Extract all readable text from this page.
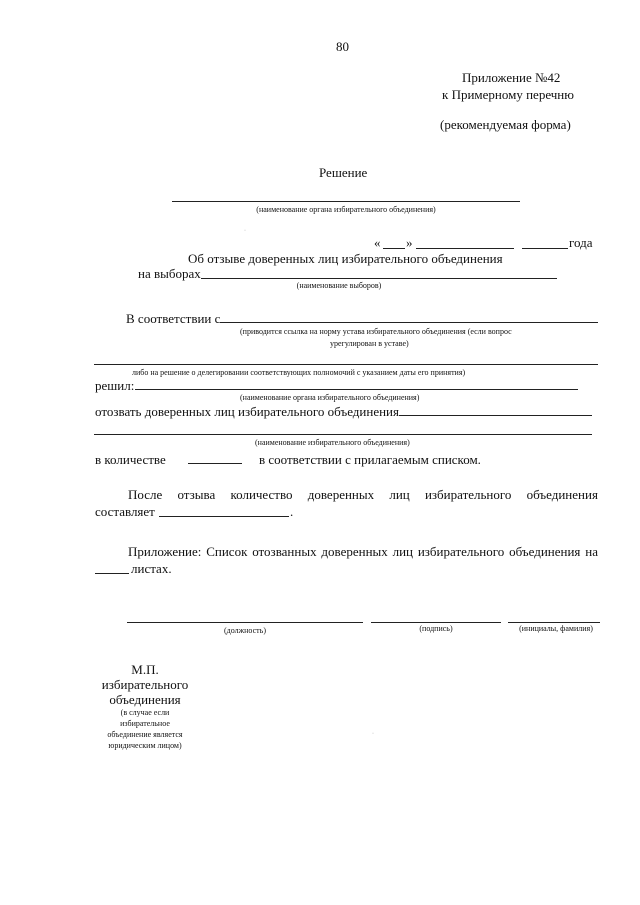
80
Приложение №42
к Примерному перечню
(рекомендуемая форма)
Решение
(наименование органа избирательного объединения)
·
« »	года
Об отзыве доверенных лиц избирательного объединения
на выборах
(наименование выборов)
В соответствии с
(приводится ссылка на норму устава избирательного объединения (если вопрос
урегулирован в уставе)
либо на решение о делегировании соответствующих полномочий с указанием даты его принятия)
решил:
(наименование органа избирательного объединения)
отозвать доверенных лиц избирательного объединения
(наименование избирательного объединения)
в количестве	в соответствии с прилагаемым списком.
После отзыва количество доверенных лиц избирательного объединения
составляет	.
Приложение: Список отозванных доверенных лиц избирательного объединения на
листах.
(должность)	(подпись)	(инициалы, фамилия)
М.П.
избирательного
объединения
(в случае если
избирательное
объединение является
юридическим лицом)
·
